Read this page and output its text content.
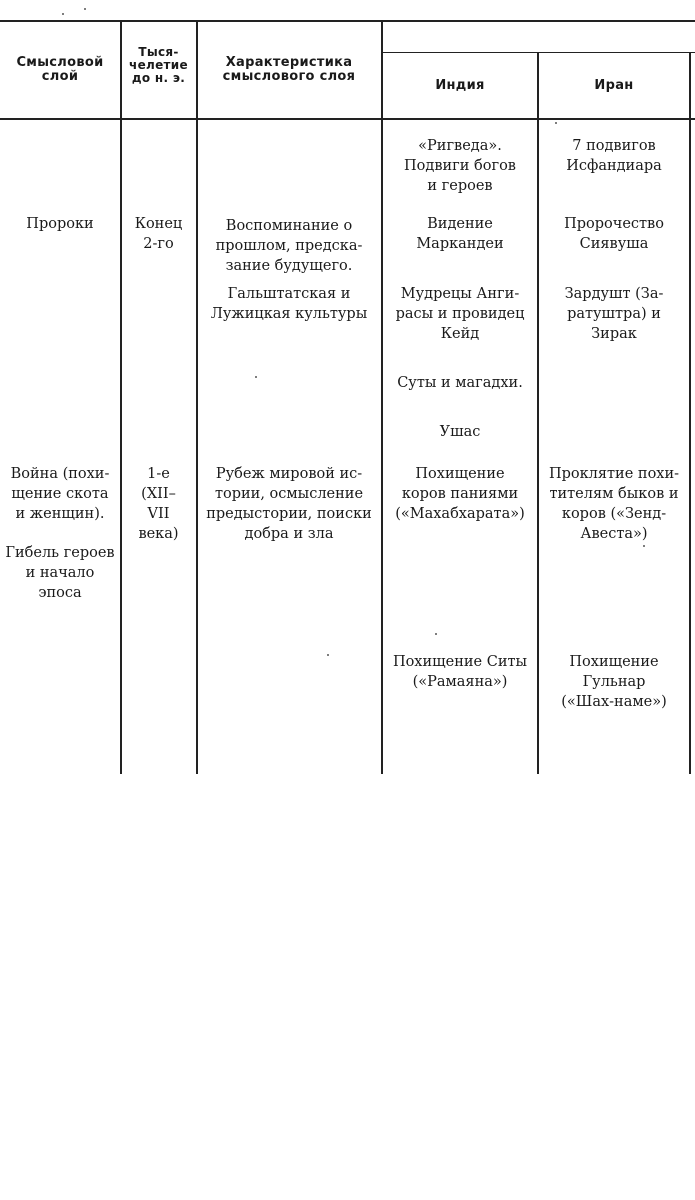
Смысловой
слой
Тыся-
челетие
до н. э.
Характеристика
смыслового слоя
Индия	Иран
Пророки
Война (похи-
щение скота
и женщин).
Гибель героев
и начало
эпоса
Конец
2-го
1-е
(XII–
VII
века)
Воспоминание о
прошлом, предска-
зание будущего.
Гальштатская и
Лужицкая культуры
Рубеж мировой ис-
тории, осмысление
предыстории, поиски
добра и зла
«Ригведа».
Подвиги богов
и героев
Видение
Маркандеи
Мудрецы Анги-
расы и провидец
Кейд
Суты и магадхи.
Ушас
Похищение
коров паниями
(«Махабхарата»)
Похищение Ситы
(«Рамаяна»)
7 подвигов
Исфандиара
Пророчество
Сиявуша
Зардушт (За-
ратуштра) и
Зирак
Проклятие похи-
тителям быков и
коров («Зенд-
Авеста»)
Похищение
Гульнар
(«Шах-наме»)
